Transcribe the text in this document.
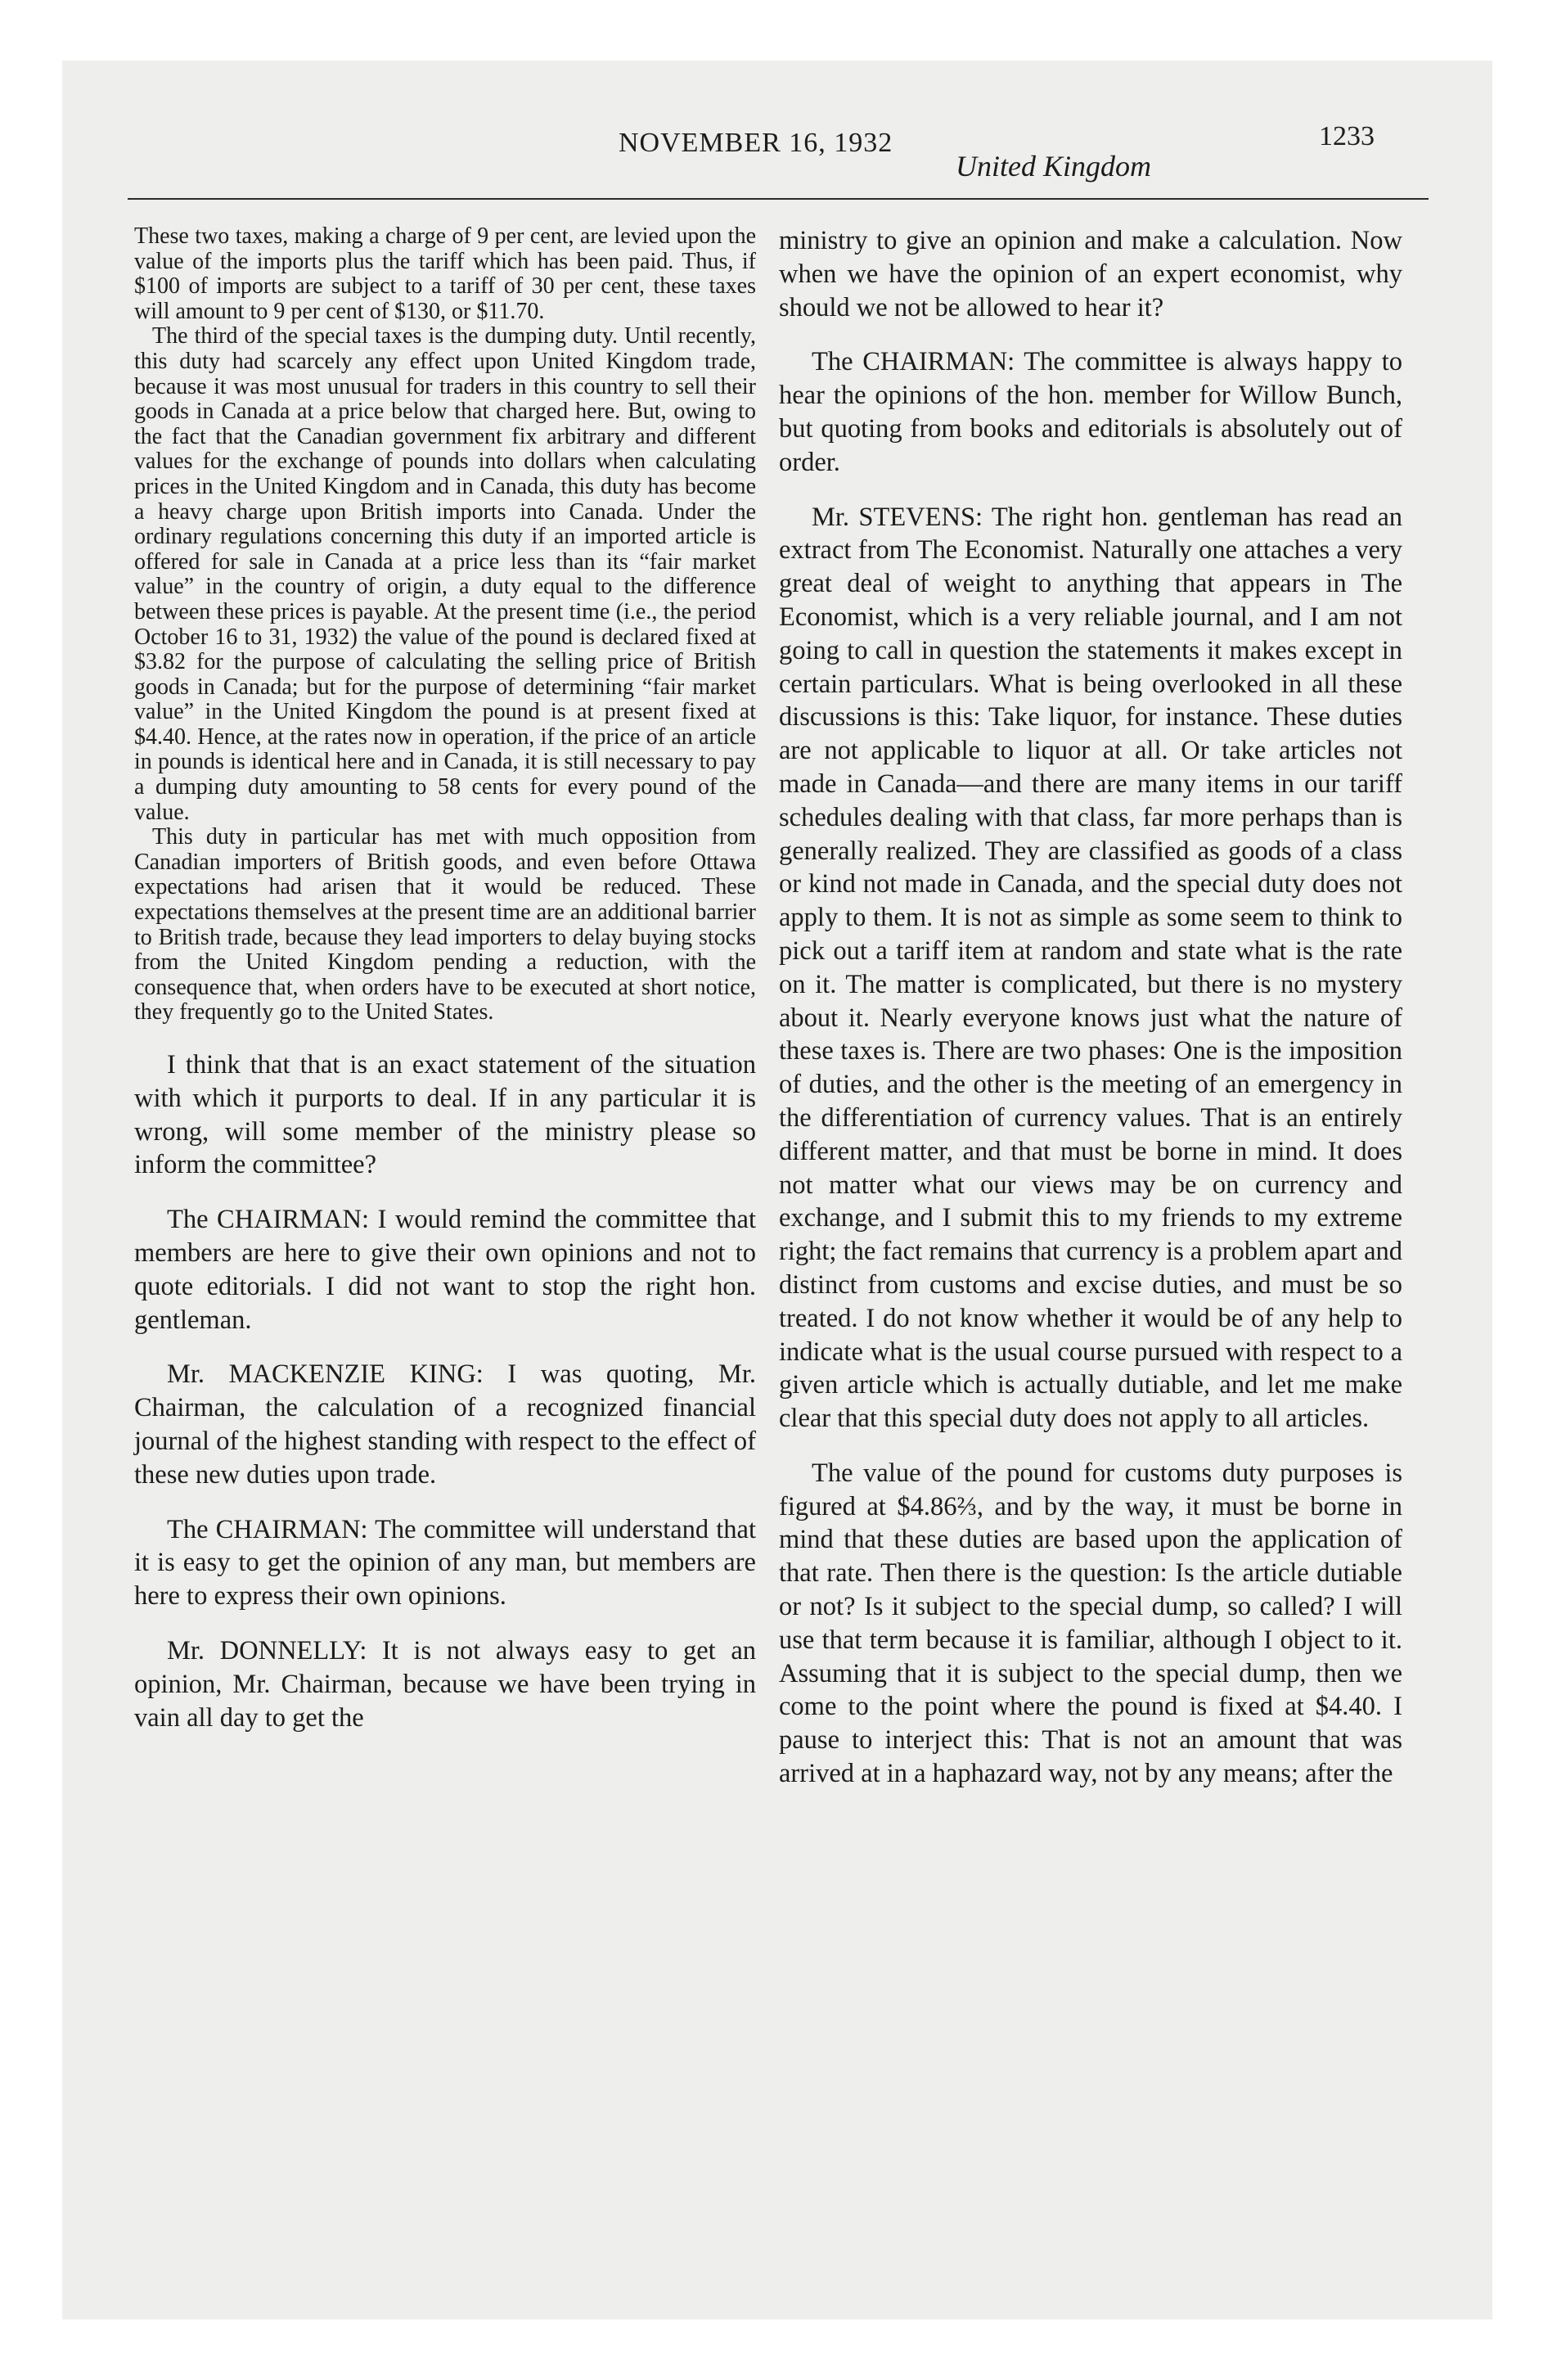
NOVEMBER 16, 1932
United Kingdom
1233

These two taxes, making a charge of 9 per cent, are levied upon the value of the imports plus the tariff which has been paid. Thus, if $100 of imports are subject to a tariff of 30 per cent, these taxes will amount to 9 per cent of $130, or $11.70.

The third of the special taxes is the dumping duty. Until recently, this duty had scarcely any effect upon United Kingdom trade, because it was most unusual for traders in this country to sell their goods in Canada at a price below that charged here. But, owing to the fact that the Canadian government fix arbitrary and different values for the exchange of pounds into dollars when calculating prices in the United Kingdom and in Canada, this duty has become a heavy charge upon British imports into Canada. Under the ordinary regulations concerning this duty if an imported article is offered for sale in Canada at a price less than its “fair market value” in the country of origin, a duty equal to the difference between these prices is payable. At the present time (i.e., the period October 16 to 31, 1932) the value of the pound is declared fixed at $3.82 for the purpose of calculating the selling price of British goods in Canada; but for the purpose of determining “fair market value” in the United Kingdom the pound is at present fixed at $4.40. Hence, at the rates now in operation, if the price of an article in pounds is identical here and in Canada, it is still necessary to pay a dumping duty amounting to 58 cents for every pound of the value.

This duty in particular has met with much opposition from Canadian importers of British goods, and even before Ottawa expectations had arisen that it would be reduced. These expectations themselves at the present time are an additional barrier to British trade, because they lead importers to delay buying stocks from the United Kingdom pending a reduction, with the consequence that, when orders have to be executed at short notice, they frequently go to the United States.

I think that that is an exact statement of the situation with which it purports to deal. If in any particular it is wrong, will some member of the ministry please so inform the committee?

The CHAIRMAN: I would remind the committee that members are here to give their own opinions and not to quote editorials. I did not want to stop the right hon. gentleman.

Mr. MACKENZIE KING: I was quoting, Mr. Chairman, the calculation of a recognized financial journal of the highest standing with respect to the effect of these new duties upon trade.

The CHAIRMAN: The committee will understand that it is easy to get the opinion of any man, but members are here to express their own opinions.

Mr. DONNELLY: It is not always easy to get an opinion, Mr. Chairman, because we have been trying in vain all day to get the

ministry to give an opinion and make a calculation. Now when we have the opinion of an expert economist, why should we not be allowed to hear it?

The CHAIRMAN: The committee is always happy to hear the opinions of the hon. member for Willow Bunch, but quoting from books and editorials is absolutely out of order.

Mr. STEVENS: The right hon. gentleman has read an extract from The Economist. Naturally one attaches a very great deal of weight to anything that appears in The Economist, which is a very reliable journal, and I am not going to call in question the statements it makes except in certain particulars. What is being overlooked in all these discussions is this: Take liquor, for instance. These duties are not applicable to liquor at all. Or take articles not made in Canada—and there are many items in our tariff schedules dealing with that class, far more perhaps than is generally realized. They are classified as goods of a class or kind not made in Canada, and the special duty does not apply to them. It is not as simple as some seem to think to pick out a tariff item at random and state what is the rate on it. The matter is complicated, but there is no mystery about it. Nearly everyone knows just what the nature of these taxes is. There are two phases: One is the imposition of duties, and the other is the meeting of an emergency in the differentiation of currency values. That is an entirely different matter, and that must be borne in mind. It does not matter what our views may be on currency and exchange, and I submit this to my friends to my extreme right; the fact remains that currency is a problem apart and distinct from customs and excise duties, and must be so treated. I do not know whether it would be of any help to indicate what is the usual course pursued with respect to a given article which is actually dutiable, and let me make clear that this special duty does not apply to all articles.

The value of the pound for customs duty purposes is figured at $4.86⅔, and by the way, it must be borne in mind that these duties are based upon the application of that rate. Then there is the question: Is the article dutiable or not? Is it subject to the special dump, so called? I will use that term because it is familiar, although I object to it. Assuming that it is subject to the special dump, then we come to the point where the pound is fixed at $4.40. I pause to interject this: That is not an amount that was arrived at in a haphazard way, not by any means; after the
